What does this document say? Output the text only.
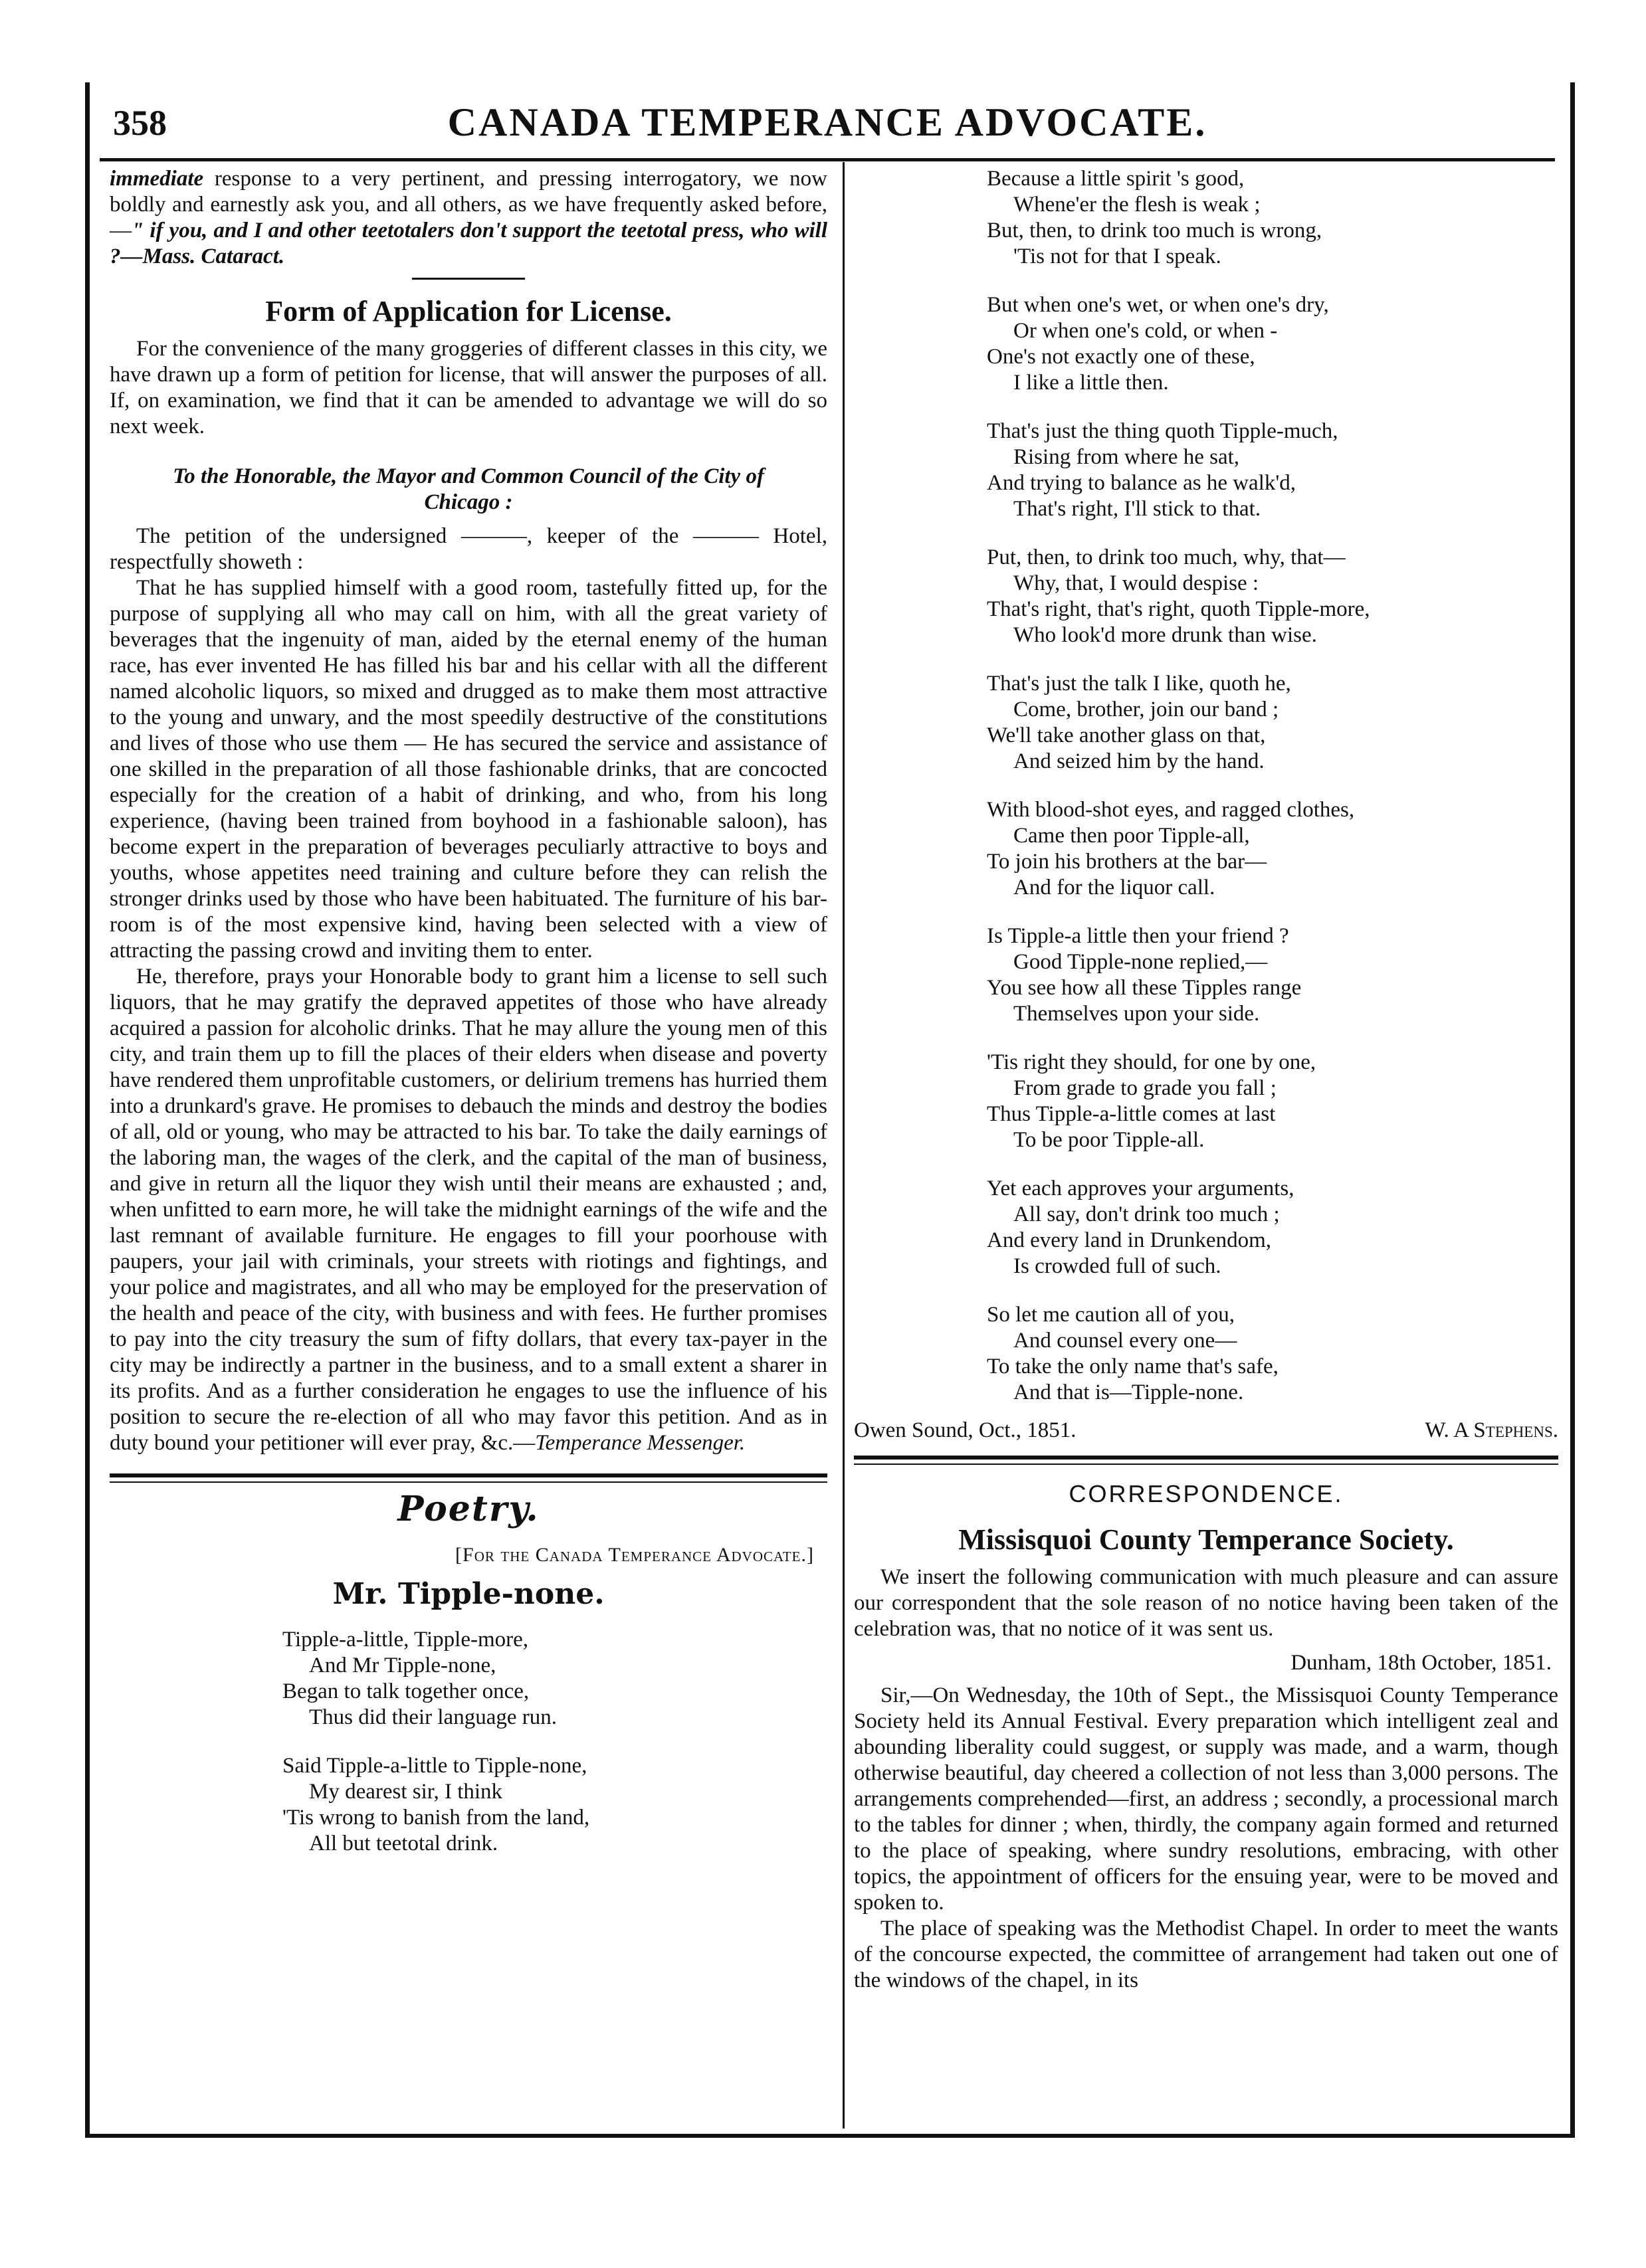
358	CANADA TEMPERANCE ADVOCATE.

immediate response to a very pertinent, and pressing interrogatory, we now boldly and earnestly ask you, and all others, as we have frequently asked before,—" if you, and I and other teetotalers don't support the teetotal press, who will ?—Mass. Cataract.

Form of Application for License.

For the convenience of the many groggeries of different classes in this city, we have drawn up a form of petition for license, that will answer the purposes of all. If, on examination, we find that it can be amended to advantage we will do so next week.

To the Honorable, the Mayor and Common Council of the City of Chicago :

The petition of the undersigned ———, keeper of the ——— Hotel, respectfully showeth :

That he has supplied himself with a good room, tastefully fitted up, for the purpose of supplying all who may call on him, with all the great variety of beverages that the ingenuity of man, aided by the eternal enemy of the human race, has ever invented He has filled his bar and his cellar with all the different named alcoholic liquors, so mixed and drugged as to make them most attractive to the young and unwary, and the most speedily destructive of the constitutions and lives of those who use them — He has secured the service and assistance of one skilled in the preparation of all those fashionable drinks, that are concocted especially for the creation of a habit of drinking, and who, from his long experience, (having been trained from boyhood in a fashionable saloon), has become expert in the preparation of beverages peculiarly attractive to boys and youths, whose appetites need training and culture before they can relish the stronger drinks used by those who have been habituated. The furniture of his bar-room is of the most expensive kind, having been selected with a view of attracting the passing crowd and inviting them to enter.

He, therefore, prays your Honorable body to grant him a license to sell such liquors, that he may gratify the depraved appetites of those who have already acquired a passion for alcoholic drinks. That he may allure the young men of this city, and train them up to fill the places of their elders when disease and poverty have rendered them unprofitable customers, or delirium tremens has hurried them into a drunkard's grave. He promises to debauch the minds and destroy the bodies of all, old or young, who may be attracted to his bar. To take the daily earnings of the laboring man, the wages of the clerk, and the capital of the man of business, and give in return all the liquor they wish until their means are exhausted ; and, when unfitted to earn more, he will take the midnight earnings of the wife and the last remnant of available furniture. He engages to fill your poorhouse with paupers, your jail with criminals, your streets with riotings and fightings, and your police and magistrates, and all who may be employed for the preservation of the health and peace of the city, with business and with fees. He further promises to pay into the city treasury the sum of fifty dollars, that every tax-payer in the city may be indirectly a partner in the business, and to a small extent a sharer in its profits. And as a further consideration he engages to use the influence of his position to secure the re-election of all who may favor this petition. And as in duty bound your petitioner will ever pray, &c.—Temperance Messenger.

Poetry.
[For the Canada Temperance Advocate.]
Mr. Tipple-none.
Tipple-a-little, Tipple-more,
And Mr Tipple-none,
Began to talk together once,
Thus did their language run.
Said Tipple-a-little to Tipple-none,
My dearest sir, I think
'Tis wrong to banish from the land,
All but teetotal drink.
Because a little spirit 's good,
Whene'er the flesh is weak ;
But, then, to drink too much is wrong,
'Tis not for that I speak.
But when one's wet, or when one's dry,
Or when one's cold, or when -
One's not exactly one of these,
I like a little then.
That's just the thing quoth Tipple-much,
Rising from where he sat,
And trying to balance as he walk'd,
That's right, I'll stick to that.
Put, then, to drink too much, why, that—
Why, that, I would despise :
That's right, that's right, quoth Tipple-more,
Who look'd more drunk than wise.
That's just the talk I like, quoth he,
Come, brother, join our band ;
We'll take another glass on that,
And seized him by the hand.
With blood-shot eyes, and ragged clothes,
Came then poor Tipple-all,
To join his brothers at the bar—
And for the liquor call.
Is Tipple-a little then your friend ?
Good Tipple-none replied,—
You see how all these Tipples range
Themselves upon your side.
'Tis right they should, for one by one,
From grade to grade you fall ;
Thus Tipple-a-little comes at last
To be poor Tipple-all.
Yet each approves your arguments,
All say, don't drink too much ;
And every land in Drunkendom,
Is crowded full of such.
So let me caution all of you,
And counsel every one—
To take the only name that's safe,
And that is—Tipple-none.
Owen Sound, Oct., 1851.	W. A Stephens.
CORRESPONDENCE.
Missisquoi County Temperance Society.

We insert the following communication with much pleasure and can assure our correspondent that the sole reason of no notice having been taken of the celebration was, that no notice of it was sent us.

Dunham, 18th October, 1851.

Sir,—On Wednesday, the 10th of Sept., the Missisquoi County Temperance Society held its Annual Festival. Every preparation which intelligent zeal and abounding liberality could suggest, or supply was made, and a warm, though otherwise beautiful, day cheered a collection of not less than 3,000 persons. The arrangements comprehended—first, an address ; secondly, a processional march to the tables for dinner ; when, thirdly, the company again formed and returned to the place of speaking, where sundry resolutions, embracing, with other topics, the appointment of officers for the ensuing year, were to be moved and spoken to.

The place of speaking was the Methodist Chapel. In order to meet the wants of the concourse expected, the committee of arrangement had taken out one of the windows of the chapel, in its
